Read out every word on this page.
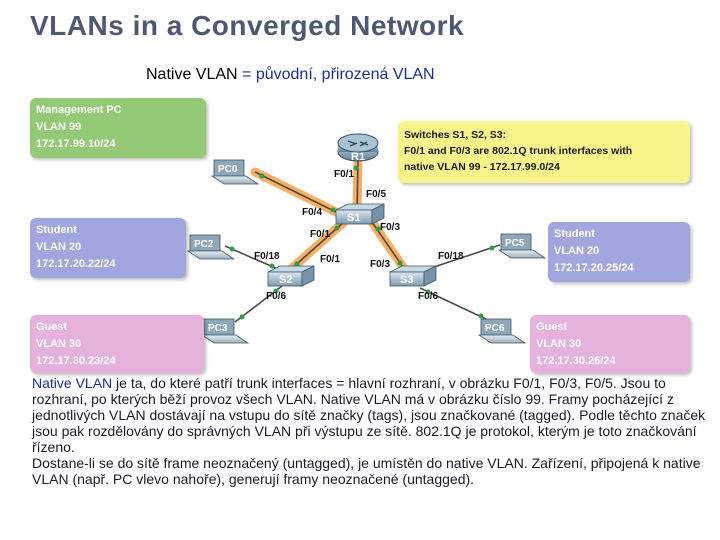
VLANs in a Converged Network
Native VLAN = původní, přirozená VLAN
R1
S1
S2	S3
PC0
PC2
PC3
PC5
PC6
F0/1
F0/5
F0/4
F0/1
F0/3
F0/18	F0/1
F0/6
F0/3
F0/18
F0/6
Management PC
VLAN 99
172.17.99.10/24
Switches S1, S2, S3:
F0/1 and F0/3 are 802.1Q trunk interfaces with
native VLAN 99 - 172.17.99.0/24
Student
VLAN 20
172.17.20.22/24
Student
VLAN 20
172.17.20.25/24
Guest
VLAN 30
172.17.30.23/24
Guest
VLAN 30
172.17.30.26/24
Native VLAN je ta, do které patří trunk interfaces = hlavní rozhraní, v obrázku F0/1, F0/3, F0/5. Jsou to rozhraní, po kterých běží provoz všech VLAN. Native VLAN má v obrázku číslo 99. Framy pocházející z jednotlivých VLAN dostávají na vstupu do sítě značky (tags), jsou značkované (tagged). Podle těchto značek jsou pak rozdělovány do správných VLAN při výstupu ze sítě. 802.1Q je protokol, kterým je toto značkování řízeno.
Dostane-li se do sítě frame neoznačený (untagged), je umístěn do native VLAN. Zařízení, připojená k native VLAN (např. PC vlevo nahoře), generují framy neoznačené (untagged).
